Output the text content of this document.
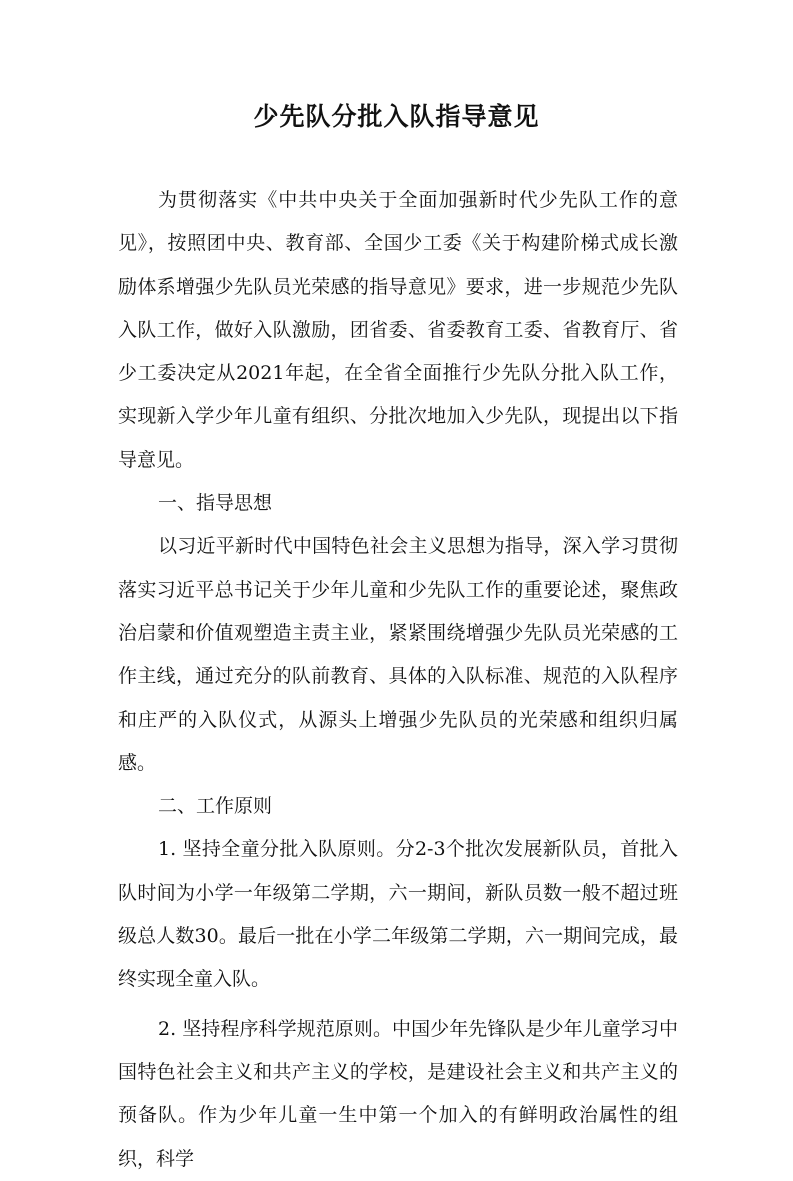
少先队分批入队指导意见

为贯彻落实《中共中央关于全面加强新时代少先队工作的意见》，按照团中央、教育部、全国少工委《关于构建阶梯式成长激励体系增强少先队员光荣感的指导意见》要求，进一步规范少先队入队工作，做好入队激励，团省委、省委教育工委、省教育厅、省少工委决定从2021年起，在全省全面推行少先队分批入队工作，实现新入学少年儿童有组织、分批次地加入少先队，现提出以下指导意见。

一、指导思想

以习近平新时代中国特色社会主义思想为指导，深入学习贯彻落实习近平总书记关于少年儿童和少先队工作的重要论述，聚焦政治启蒙和价值观塑造主责主业，紧紧围绕增强少先队员光荣感的工作主线，通过充分的队前教育、具体的入队标准、规范的入队程序和庄严的入队仪式，从源头上增强少先队员的光荣感和组织归属感。

二、工作原则

1. 坚持全童分批入队原则。分2-3个批次发展新队员，首批入队时间为小学一年级第二学期，六一期间，新队员数一般不超过班级总人数30。最后一批在小学二年级第二学期，六一期间完成，最终实现全童入队。

2. 坚持程序科学规范原则。中国少年先锋队是少年儿童学习中国特色社会主义和共产主义的学校，是建设社会主义和共产主义的预备队。作为少年儿童一生中第一个加入的有鲜明政治属性的组织，科学
